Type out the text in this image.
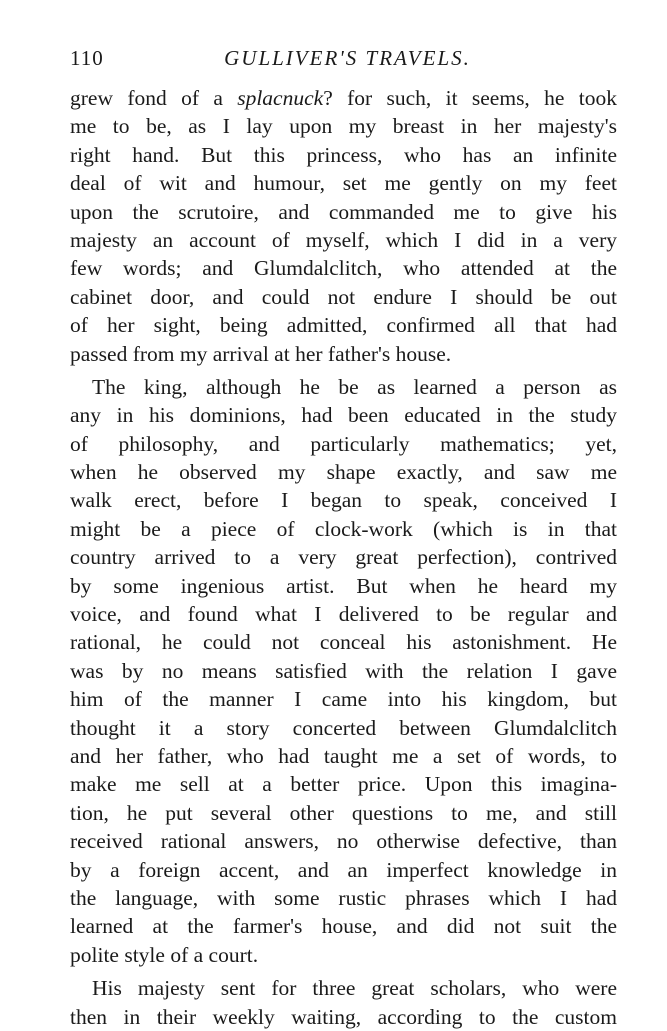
110	GULLIVER'S TRAVELS.
grew fond of a splacnuck? for such, it seems, he took
me to be, as I lay upon my breast in her majesty's
right hand. But this princess, who has an infinite
deal of wit and humour, set me gently on my feet
upon the scrutoire, and commanded me to give his
majesty an account of myself, which I did in a very
few words; and Glumdalclitch, who attended at the
cabinet door, and could not endure I should be out
of her sight, being admitted, confirmed all that had
passed from my arrival at her father's house.
The king, although he be as learned a person as
any in his dominions, had been educated in the study
of philosophy, and particularly mathematics; yet,
when he observed my shape exactly, and saw me
walk erect, before I began to speak, conceived I
might be a piece of clock-work (which is in that
country arrived to a very great perfection), contrived
by some ingenious artist. But when he heard my
voice, and found what I delivered to be regular and
rational, he could not conceal his astonishment. He
was by no means satisfied with the relation I gave
him of the manner I came into his kingdom, but
thought it a story concerted between Glumdalclitch
and her father, who had taught me a set of words, to
make me sell at a better price. Upon this imagina-
tion, he put several other questions to me, and still
received rational answers, no otherwise defective, than
by a foreign accent, and an imperfect knowledge in
the language, with some rustic phrases which I had
learned at the farmer's house, and did not suit the
polite style of a court.
His majesty sent for three great scholars, who were
then in their weekly waiting, according to the custom
